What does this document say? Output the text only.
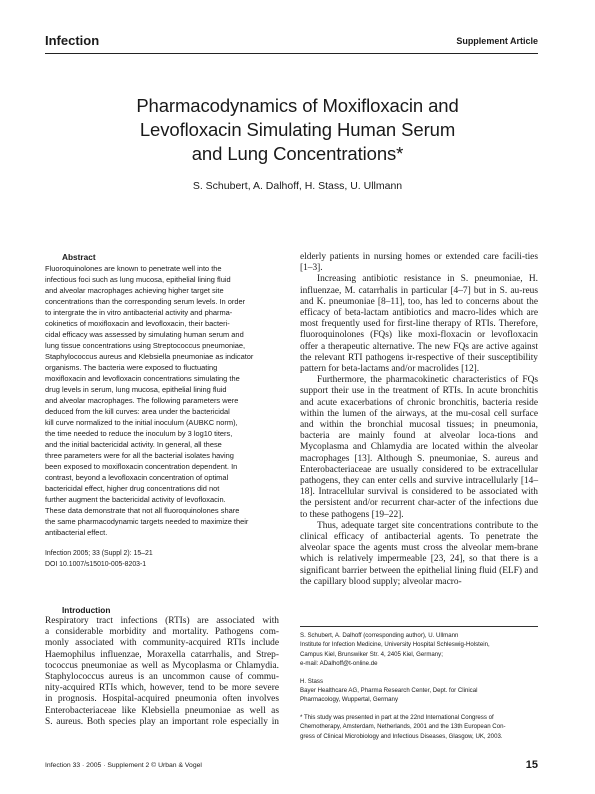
Infection	Supplement Article
Pharmacodynamics of Moxifloxacin and
Levofloxacin Simulating Human Serum
and Lung Concentrations*
S. Schubert, A. Dalhoff, H. Stass, U. Ullmann
Abstract
Fluoroquinolones are known to penetrate well into the
infectious foci such as lung mucosa, epithelial lining fluid
and alveolar macrophages achieving higher target site
concentrations than the corresponding serum levels. In order
to intergrate the in vitro antibacterial activity and pharma-
cokinetics of moxifloxacin and levofloxacin, their bacteri-
cidal efficacy was assessed by simulating human serum and
lung tissue concentrations using Streptococcus pneumoniae,
Staphylococcus aureus and Klebsiella pneumoniae as indicator
organisms. The bacteria were exposed to fluctuating
moxifloxacin and levofloxacin concentrations simulating the
drug levels in serum, lung mucosa, epithelial lining fluid
and alveolar macrophages. The following parameters were
deduced from the kill curves: area under the bactericidal
kill curve normalized to the initial inoculum (AUBKC norm),
the time needed to reduce the inoculum by 3 log10 titers,
and the initial bactericidal activity. In general, all these
three parameters were for all the bacterial isolates having
been exposed to moxifloxacin concentration dependent. In
contrast, beyond a levofloxacin concentration of optimal
bactericidal effect, higher drug concentrations did not
further augment the bactericidal activity of levofloxacin.
These data demonstrate that not all fluoroquinolones share
the same pharmacodynamic targets needed to maximize their
antibacterial effect.
Infection 2005; 33 (Suppl 2): 15–21
DOI 10.1007/s15010-005-8203-1
Introduction
Respiratory tract infections (RTIs) are associated with
a considerable morbidity and mortality. Pathogens com-
monly associated with community-acquired RTIs include
Haemophilus influenzae, Moraxella catarrhalis, and Strep-
tococcus pneumoniae as well as Mycoplasma or Chlamydia.
Staphylococcus aureus is an uncommon cause of commu-
nity-acquired RTIs which, however, tend to be more severe
in prognosis. Hospital-acquired pneumonia often involves
Enterobacteriaceae like Klebsiella pneumoniae as well as
S. aureus. Both species play an important role especially in

elderly patients in nursing homes or extended care facili-ties [1–3].

Increasing antibiotic resistance in S. pneumoniae, H. influenzae, M. catarrhalis in particular [4–7] but in S. au-reus and K. pneumoniae [8–11], too, has led to concerns about the efficacy of beta-lactam antibiotics and macro-lides which are most frequently used for first-line therapy of RTIs. Therefore, fluoroquinolones (FQs) like moxi-floxacin or levofloxacin offer a therapeutic alternative. The new FQs are active against the relevant RTI pathogens ir-respective of their susceptibility pattern for beta-lactams and/or macrolides [12].

Furthermore, the pharmacokinetic characteristics of FQs support their use in the treatment of RTIs. In acute bronchitis and acute exacerbations of chronic bronchitis, bacteria reside within the lumen of the airways, at the mu-cosal cell surface and within the bronchial mucosal tissues; in pneumonia, bacteria are mainly found at alveolar loca-tions and Mycoplasma and Chlamydia are located within the alveolar macrophages [13]. Although S. pneumoniae, S. aureus and Enterobacteriaceae are usually considered to be extracellular pathogens, they can enter cells and survive intracellularly [14–18]. Intracellular survival is considered to be associated with the persistent and/or recurrent char-acter of the infections due to these pathogens [19–22].

Thus, adequate target site concentrations contribute to the clinical efficacy of antibacterial agents. To penetrate the alveolar space the agents must cross the alveolar mem-brane which is relatively impermeable [23, 24], so that there is a significant barrier between the epithelial lining fluid (ELF) and the capillary blood supply; alveolar macro-

S. Schubert, A. Dalhoff (corresponding author), U. Ullmann
Institute for Infection Medicine, University Hospital Schleswig-Holstein,
Campus Kiel, Brunswiker Str. 4, 2405 Kiel, Germany;
e-mail: ADalhoff@t-online.de
H. Stass
Bayer Healthcare AG, Pharma Research Center, Dept. for Clinical
Pharmacology, Wuppertal, Germany
* This study was presented in part at the 22nd International Congress of
Chemotherapy, Amsterdam, Netherlands, 2001 and the 13th European Con-
gress of Clinical Microbiology and Infectious Diseases, Glasgow, UK, 2003.
Infection 33 · 2005 · Supplement 2 © Urban & Vogel	15
